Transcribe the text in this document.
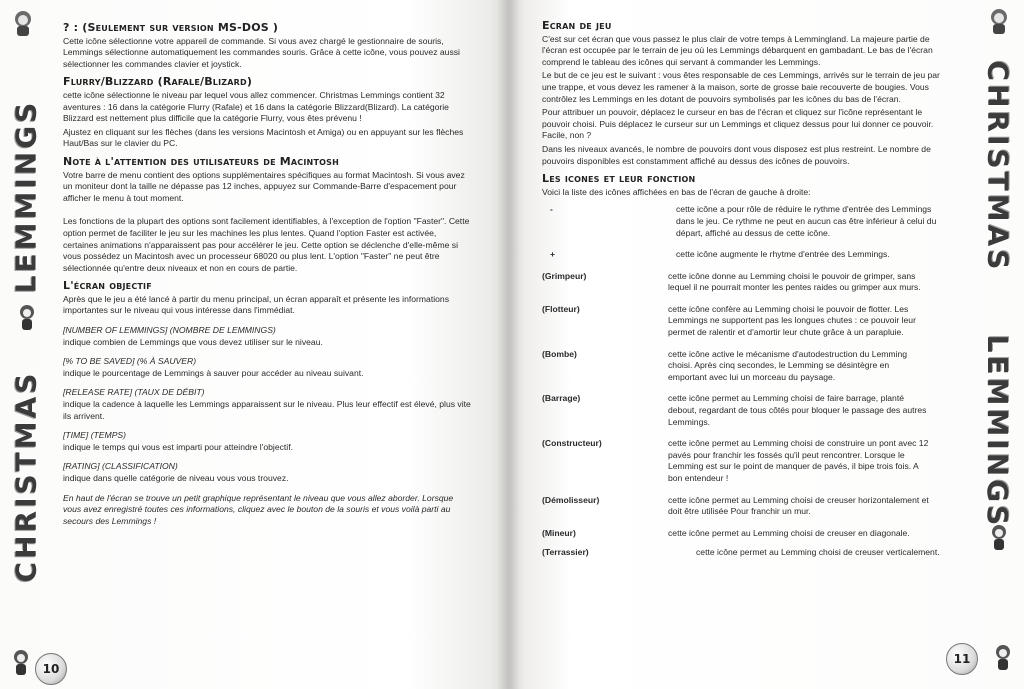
CHRISTMAS
LEMMINGS
? : (Seulement sur version MS-DOS )

Cette icône sélectionne votre appareil de commande. Si vous avez chargé le gestionnaire de souris, Lemmings sélectionne automatiquement les commandes souris. Grâce à cette icône, vous pouvez aussi sélectionner les commandes clavier et joystick.

Flurry/Blizzard (Rafale/Blizard)

cette icône sélectionne le niveau par lequel vous allez commencer. Christmas Lemmings contient 32 aventures : 16 dans la catégorie Flurry (Rafale) et 16 dans la catégorie Blizzard(Blizard). La catégorie Blizzard est nettement plus difficile que la catégorie Flurry, vous êtes prévenu !

Ajustez en cliquant sur les flèches (dans les versions Macintosh et Amiga) ou en appuyant sur les flèches Haut/Bas sur le clavier du PC.

Note à l'attention des utilisateurs de Macintosh

Votre barre de menu contient des options supplémentaires spécifiques au format Macintosh. Si vous avez un moniteur dont la taille ne dépasse pas 12 inches, appuyez sur Commande-Barre d'espacement pour afficher le menu à tout moment.

Les fonctions de la plupart des options sont facilement identifiables, à l'exception de l'option "Faster". Cette option permet de faciliter le jeu sur les machines les plus lentes. Quand l'option Faster est activée, certaines animations n'apparaissent pas pour accélérer le jeu. Cette option se déclenche d'elle-même si vous possédez un Macintosh avec un processeur 68020 ou plus lent. L'option "Faster" ne peut être sélectionnée qu'entre deux niveaux et non en cours de partie.

L'écran objectif

Après que le jeu a été lancé à partir du menu principal, un écran apparaît et présente les informations importantes sur le niveau qui vous intéresse dans l'immédiat.

[NUMBER OF LEMMINGS] (NOMBRE DE LEMMINGS)
indique combien de Lemmings que vous devez utiliser sur le niveau.
[% TO BE SAVED] (% À SAUVER)
indique le pourcentage de Lemmings à sauver pour accéder au niveau suivant.
[RELEASE RATE] (TAUX DE DÉBIT)
indique la cadence à laquelle les Lemmings apparaissent sur le niveau. Plus leur effectif est élevé, plus vite ils arrivent.
[TIME] (TEMPS)
indique le temps qui vous est imparti pour atteindre l'objectif.
[RATING] (CLASSIFICATION)
indique dans quelle catégorie de niveau vous vous trouvez.

En haut de l'écran se trouve un petit graphique représentant le niveau que vous allez aborder. Lorsque vous avez enregistré toutes ces informations, cliquez avec le bouton de la souris et vous voilà parti au secours des Lemmings !

10
CHRISTMAS
LEMMINGS
Ecran de jeu

C'est sur cet écran que vous passez le plus clair de votre temps à Lemmingland. La majeure partie de l'écran est occupée par le terrain de jeu où les Lemmings débarquent en gambadant. Le bas de l'écran comprend le tableau des icônes qui servant à commander les Lemmings.

Le but de ce jeu est le suivant : vous êtes responsable de ces Lemmings, arrivés sur le terrain de jeu par une trappe, et vous devez les ramener à la maison, sorte de grosse baie recouverte de bougies. Vous contrôlez les Lemmings en les dotant de pouvoirs symbolisés par les icônes du bas de l'écran.

Pour attribuer un pouvoir, déplacez le curseur en bas de l'écran et cliquez sur l'icône représentant le pouvoir choisi. Puis déplacez le curseur sur un Lemmings et cliquez dessus pour lui donner ce pouvoir. Facile, non ?

Dans les niveaux avancés, le nombre de pouvoirs dont vous disposez est plus restreint. Le nombre de pouvoirs disponibles est constamment affiché au dessus des icônes de pouvoirs.

Les icones et leur fonction

Voici la liste des icônes affichées en bas de l'écran de gauche à droite:

-	cette icône a pour rôle de réduire le rythme d'entrée des Lemmings dans le jeu. Ce rythme ne peut en aucun cas être inférieur à celui du départ, affiché au dessus de cette icône.
+	cette icône augmente le rhytme d'entrée des Lemmings.
(Grimpeur)	cette icône donne au Lemming choisi le pouvoir de grimper, sans lequel il ne pourrait monter les pentes raides ou grimper aux murs.
(Flotteur)	cette icône confère au Lemming choisi le pouvoir de flotter. Les Lemmings ne supportent pas les longues chutes : ce pouvoir leur permet de ralentir et d'amortir leur chute grâce à un parapluie.
(Bombe)	cette icône active le mécanisme d'autodestruction du Lemming choisi. Après cinq secondes, le Lemming se désintègre en emportant avec lui un morceau du paysage.
(Barrage)	cette icône permet au Lemming choisi de faire barrage, planté debout, regardant de tous côtés pour bloquer le passage des autres Lemmings.
(Constructeur)	cette icône permet au Lemming choisi de construire un pont avec 12 pavés pour franchir les fossés qu'il peut rencontrer. Lorsque le Lemming est sur le point de manquer de pavés, il bipe trois fois. A bon entendeur !
(Démolisseur)	cette icône permet au Lemming choisi de creuser horizontalement et doit être utilisée Pour franchir un mur.
(Mineur)	cette icône permet au Lemming choisi de creuser en diagonale.
(Terrassier)	cette icône permet au Lemming choisi de creuser verticalement.
11
